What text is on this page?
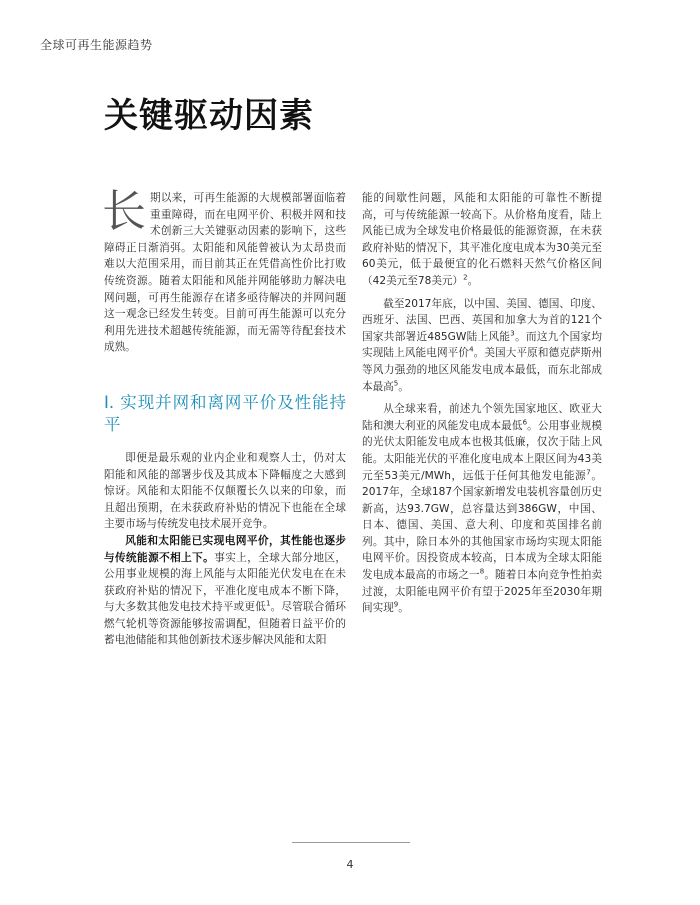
全球可再生能源趋势
关键驱动因素

长期以来，可再生能源的大规模部署面临着重重障碍，而在电网平价、积极并网和技术创新三大关键驱动因素的影响下，这些障碍正日渐消弭。太阳能和风能曾被认为太昂贵而难以大范围采用，而目前其正在凭借高性价比打败传统资源。随着太阳能和风能并网能够助力解决电网问题，可再生能源存在诸多亟待解决的并网问题这一观念已经发生转变。目前可再生能源可以充分利用先进技术超越传统能源，而无需等待配套技术成熟。

I. 实现并网和离网平价及性能持平

即便是最乐观的业内企业和观察人士，仍对太阳能和风能的部署步伐及其成本下降幅度之大感到惊讶。风能和太阳能不仅颠覆长久以来的印象，而且超出预期，在未获政府补贴的情况下也能在全球主要市场与传统发电技术展开竞争。

风能和太阳能已实现电网平价，其性能也逐步与传统能源不相上下。事实上，全球大部分地区，公用事业规模的海上风能与太阳能光伏发电在在未获政府补贴的情况下，平准化度电成本不断下降，与大多数其他发电技术持平或更低$^1$。尽管联合循环燃气轮机等资源能够按需调配，但随着日益平价的蓄电池储能和其他创新技术逐步解决风能和太阳

能的间歇性问题，风能和太阳能的可靠性不断提高，可与传统能源一较高下。从价格角度看，陆上风能已成为全球发电价格最低的能源资源，在未获政府补贴的情况下，其平准化度电成本为30美元至60美元，低于最便宜的化石燃料天然气价格区间（42美元至78美元）$^2$。

截至2017年底，以中国、美国、德国、印度、西班牙、法国、巴西、英国和加拿大为首的121个国家共部署近485GW陆上风能$^3$。而这九个国家均实现陆上风能电网平价$^4$。美国大平原和德克萨斯州等风力强劲的地区风能发电成本最低，而东北部成本最高$^5$。

从全球来看，前述九个领先国家地区、欧亚大陆和澳大利亚的风能发电成本最低$^6$。公用事业规模的光伏太阳能发电成本也极其低廉，仅次于陆上风能。太阳能光伏的平准化度电成本上限区间为43美元至53美元/MWh，远低于任何其他发电能源$^7$。2017年，全球187个国家新增发电装机容量创历史新高，达93.7GW，总容量达到386GW，中国、日本、德国、美国、意大利、印度和英国排名前列。其中，除日本外的其他国家市场均实现太阳能电网平价。因投资成本较高，日本成为全球太阳能发电成本最高的市场之一$^8$。随着日本向竞争性拍卖过渡，太阳能电网平价有望于2025年至2030年期间实现$^9$。

4
